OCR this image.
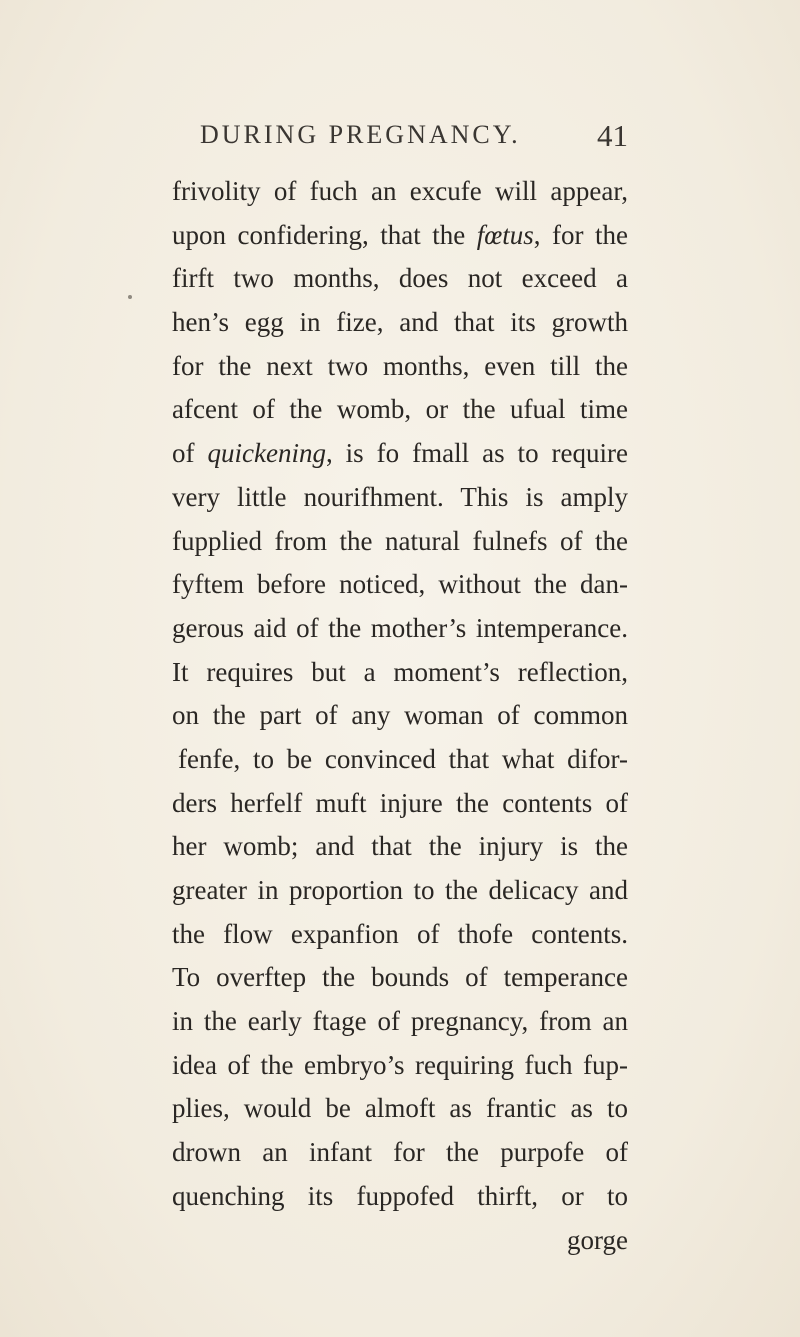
DURING PREGNANCY. 41
frivolity of fuch an excufe will appear,
upon confidering, that the fœtus, for the
firft two months, does not exceed a
hen’s egg in fize, and that its growth
for the next two months, even till the
afcent of the womb, or the ufual time
of quickening, is fo fmall as to require
very little nourifhment. This is amply
fupplied from the natural fulnefs of the
fyftem before noticed, without the dan-
gerous aid of the mother’s intemperance.
It requires but a moment’s reflection,
on the part of any woman of common
fenfe, to be convinced that what difor-
ders herfelf muft injure the contents of
her womb; and that the injury is the
greater in proportion to the delicacy and
the flow expanfion of thofe contents.
To overftep the bounds of temperance
in the early ftage of pregnancy, from an
idea of the embryo’s requiring fuch fup-
plies, would be almoft as frantic as to
drown an infant for the purpofe of
quenching its fuppofed thirft, or to
gorge
